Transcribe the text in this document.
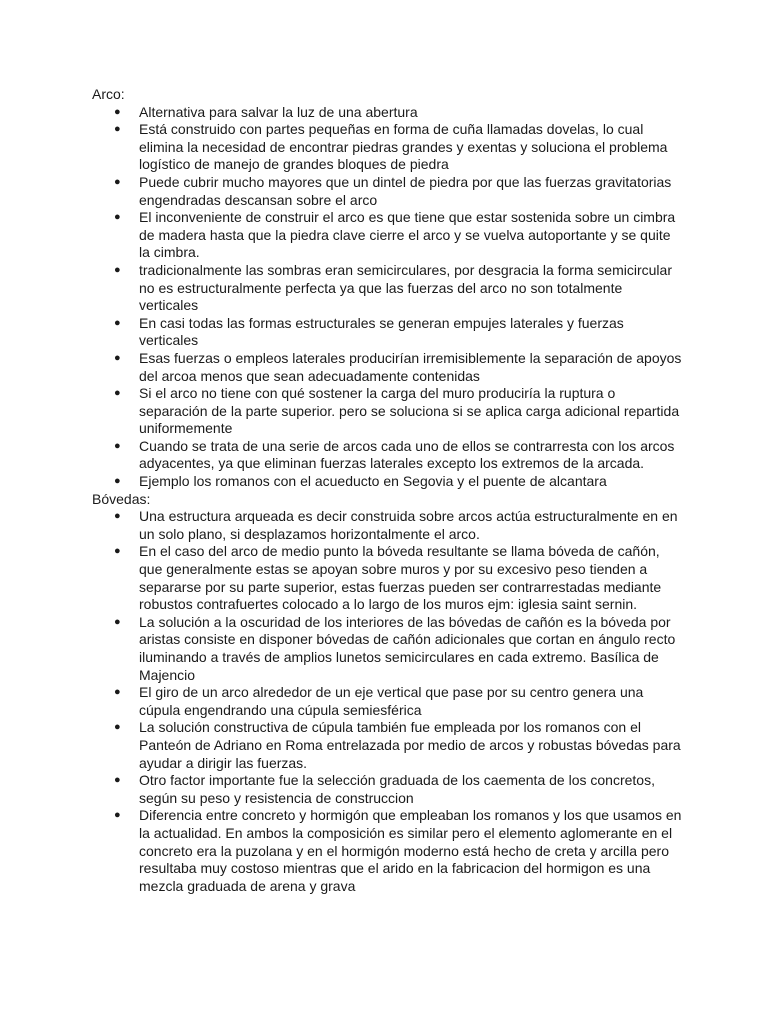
Arco:

● Alternativa para salvar la luz de una abertura
● Está construido con partes pequeñas en forma de cuña llamadas dovelas, lo cual elimina la necesidad de encontrar piedras grandes y exentas y soluciona el problema logístico de manejo de grandes bloques de piedra
● Puede cubrir mucho mayores que un dintel de piedra por que las fuerzas gravitatorias engendradas descansan sobre el arco
● El inconveniente de construir el arco es que tiene que estar sostenida sobre un cimbra de madera hasta que la piedra clave cierre el arco y se vuelva autoportante y se quite la cimbra.
● tradicionalmente las sombras eran semicirculares, por desgracia la forma semicircular no es estructuralmente perfecta ya que las fuerzas del arco no son totalmente verticales
● En casi todas las formas estructurales se generan empujes laterales y fuerzas verticales
● Esas fuerzas o empleos laterales producirían irremisiblemente la separación de apoyos del arcoa menos que sean adecuadamente contenidas
● Si el arco no tiene con qué sostener la carga del muro produciría la ruptura o separación de la parte superior. pero se soluciona si se aplica carga adicional repartida uniformemente
● Cuando se trata de una serie de arcos cada uno de ellos se contrarresta con los arcos adyacentes, ya que eliminan fuerzas laterales excepto los extremos de la arcada.
● Ejemplo los romanos con el acueducto en Segovia y el puente de alcantara

Bóvedas:

● Una estructura arqueada es decir construida sobre arcos actúa estructuralmente en en un solo plano, si desplazamos horizontalmente el arco.
● En el caso del arco de medio punto la bóveda resultante se llama bóveda de cañón, que generalmente estas se apoyan sobre muros y por su excesivo peso tienden a separarse por su parte superior, estas fuerzas pueden ser contrarrestadas mediante robustos contrafuertes colocado a lo largo de los muros ejm: iglesia saint sernin.
● La solución a la oscuridad de los interiores de las bóvedas de cañón es la bóveda por aristas consiste en disponer bóvedas de cañón adicionales que cortan en ángulo recto iluminando a través de amplios lunetos semicirculares en cada extremo. Basílica de Majencio
● El giro de un arco alrededor de un eje vertical que pase por su centro genera una cúpula engendrando una cúpula semiesférica
● La solución constructiva de cúpula también fue empleada por los romanos con el Panteón de Adriano en Roma entrelazada por medio de arcos y robustas bóvedas para ayudar a dirigir las fuerzas.
● Otro factor importante fue la selección graduada de los caementa de los concretos, según su peso y resistencia de construccion
● Diferencia entre concreto y hormigón que empleaban los romanos y los que usamos en la actualidad. En ambos la composición es similar pero el elemento aglomerante en el concreto era la puzolana y en el hormigón moderno está hecho de creta y arcilla pero resultaba muy costoso mientras que el arido en la fabricacion del hormigon es una mezcla graduada de arena y grava
